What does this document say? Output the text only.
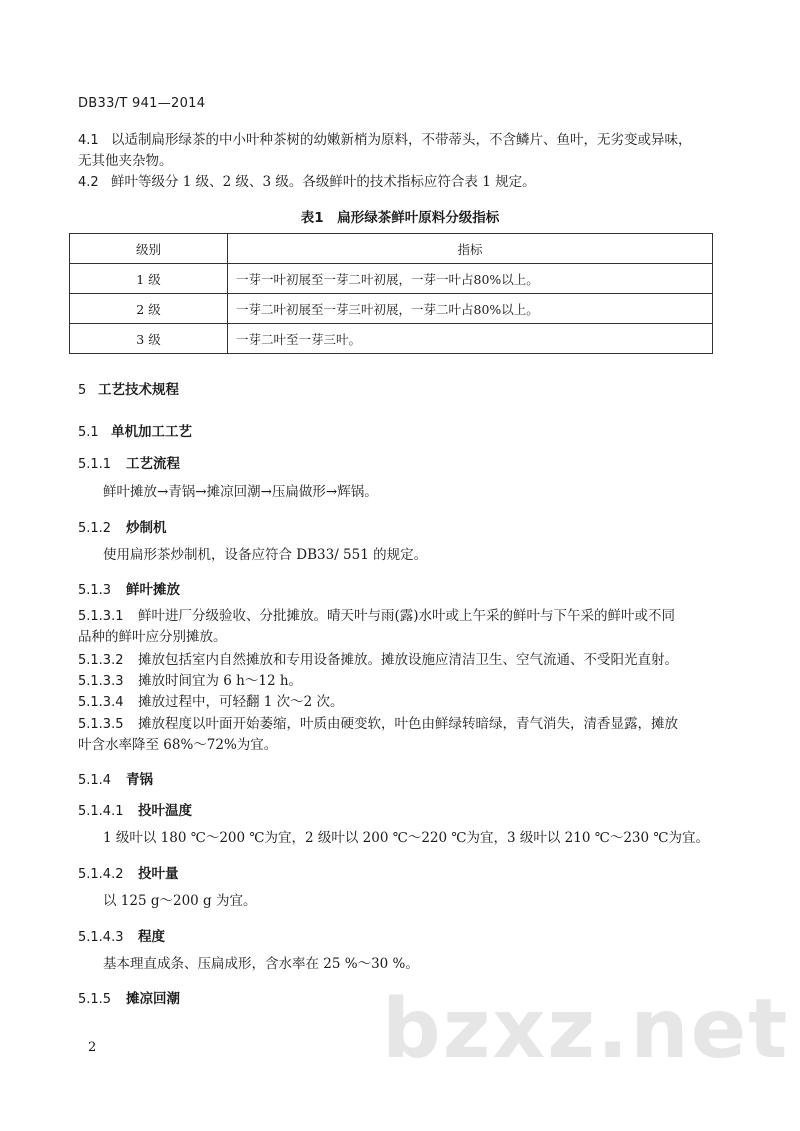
DB33/T 941—2014
4.1 以适制扁形绿茶的中小叶种茶树的幼嫩新梢为原料，不带蒂头，不含鳞片、鱼叶，无劣变或异味，
无其他夹杂物。
4.2 鲜叶等级分 1 级、2 级、3 级。各级鲜叶的技术指标应符合表 1 规定。
表1　扁形绿茶鲜叶原料分级指标
级别	指标
1 级	一芽一叶初展至一芽二叶初展，一芽一叶占80%以上。
2 级	一芽二叶初展至一芽三叶初展，一芽二叶占80%以上。
3 级	一芽二叶至一芽三叶。
5 工艺技术规程
5.1 单机加工工艺
5.1.1 工艺流程
鲜叶摊放→青锅→摊凉回潮→压扁做形→辉锅。
5.1.2 炒制机
使用扁形茶炒制机，设备应符合 DB33/ 551 的规定。
5.1.3 鲜叶摊放
5.1.3.1 鲜叶进厂分级验收、分批摊放。晴天叶与雨(露)水叶或上午采的鲜叶与下午采的鲜叶或不同
品种的鲜叶应分别摊放。
5.1.3.2 摊放包括室内自然摊放和专用设备摊放。摊放设施应清洁卫生、空气流通、不受阳光直射。
5.1.3.3 摊放时间宜为 6 h～12 h。
5.1.3.4 摊放过程中，可轻翻 1 次～2 次。
5.1.3.5 摊放程度以叶面开始萎缩，叶质由硬变软，叶色由鲜绿转暗绿，青气消失，清香显露，摊放
叶含水率降至 68%～72%为宜。
5.1.4 青锅
5.1.4.1 投叶温度
1 级叶以 180 ℃～200 ℃为宜，2 级叶以 200 ℃～220 ℃为宜，3 级叶以 210 ℃～230 ℃为宜。
5.1.4.2 投叶量
以 125 g～200 g 为宜。
5.1.4.3 程度
基本理直成条、压扁成形，含水率在 25 %～30 %。
5.1.5 摊凉回潮 bzxz.net
2
